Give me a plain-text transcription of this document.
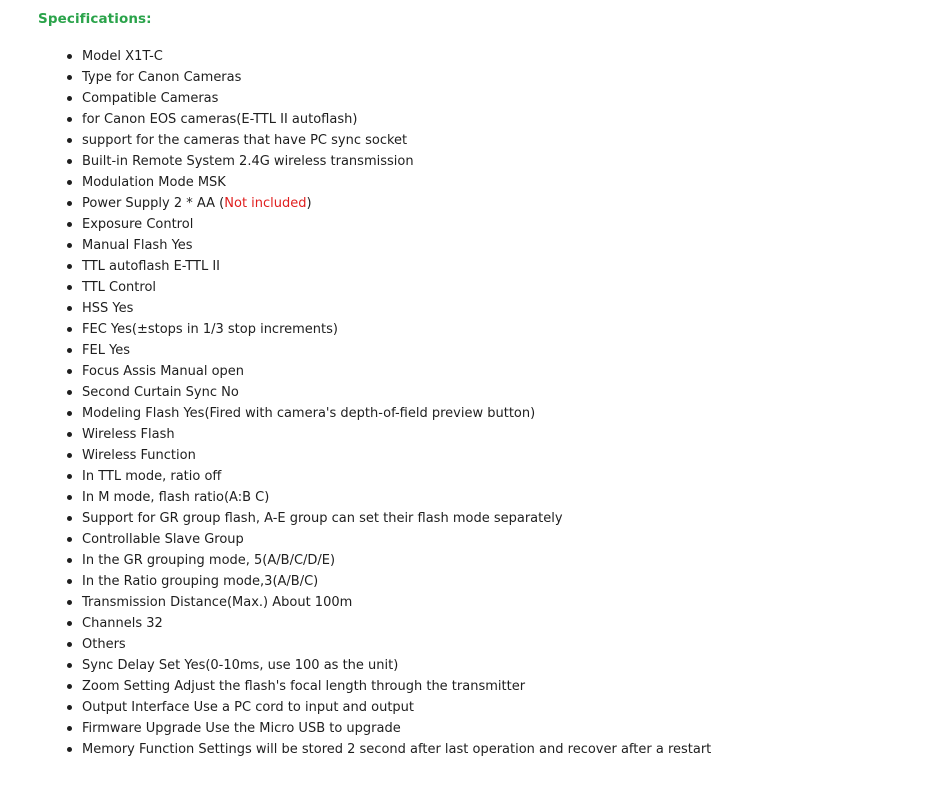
Specifications:
Model X1T-C
Type for Canon Cameras
Compatible Cameras
for Canon EOS cameras(E-TTL II autoflash)
support for the cameras that have PC sync socket
Built-in Remote System 2.4G wireless transmission
Modulation Mode MSK
Power Supply 2 * AA (Not included)
Exposure Control
Manual Flash Yes
TTL autoflash E-TTL II
TTL Control
HSS Yes
FEC Yes(±stops in 1/3 stop increments)
FEL Yes
Focus Assis Manual open
Second Curtain Sync No
Modeling Flash Yes(Fired with camera's depth-of-field preview button)
Wireless Flash
Wireless Function
In TTL mode, ratio off
In M mode, flash ratio(A:B C)
Support for GR group flash, A-E group can set their flash mode separately
Controllable Slave Group
In the GR grouping mode, 5(A/B/C/D/E)
In the Ratio grouping mode,3(A/B/C)
Transmission Distance(Max.) About 100m
Channels 32
Others
Sync Delay Set Yes(0-10ms, use 100 as the unit)
Zoom Setting Adjust the flash's focal length through the transmitter
Output Interface Use a PC cord to input and output
Firmware Upgrade Use the Micro USB to upgrade
Memory Function Settings will be stored 2 second after last operation and recover after a restart
